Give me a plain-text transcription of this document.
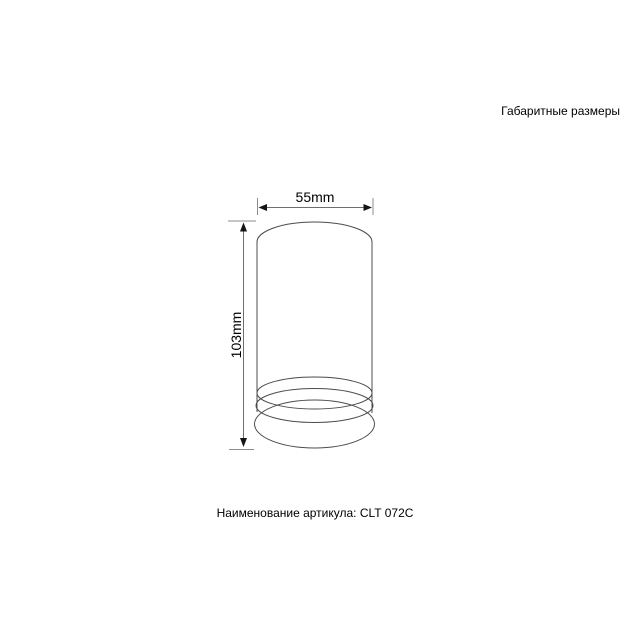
Габаритные размеры
55mm
103mm
Наименование артикула: CLT 072C
